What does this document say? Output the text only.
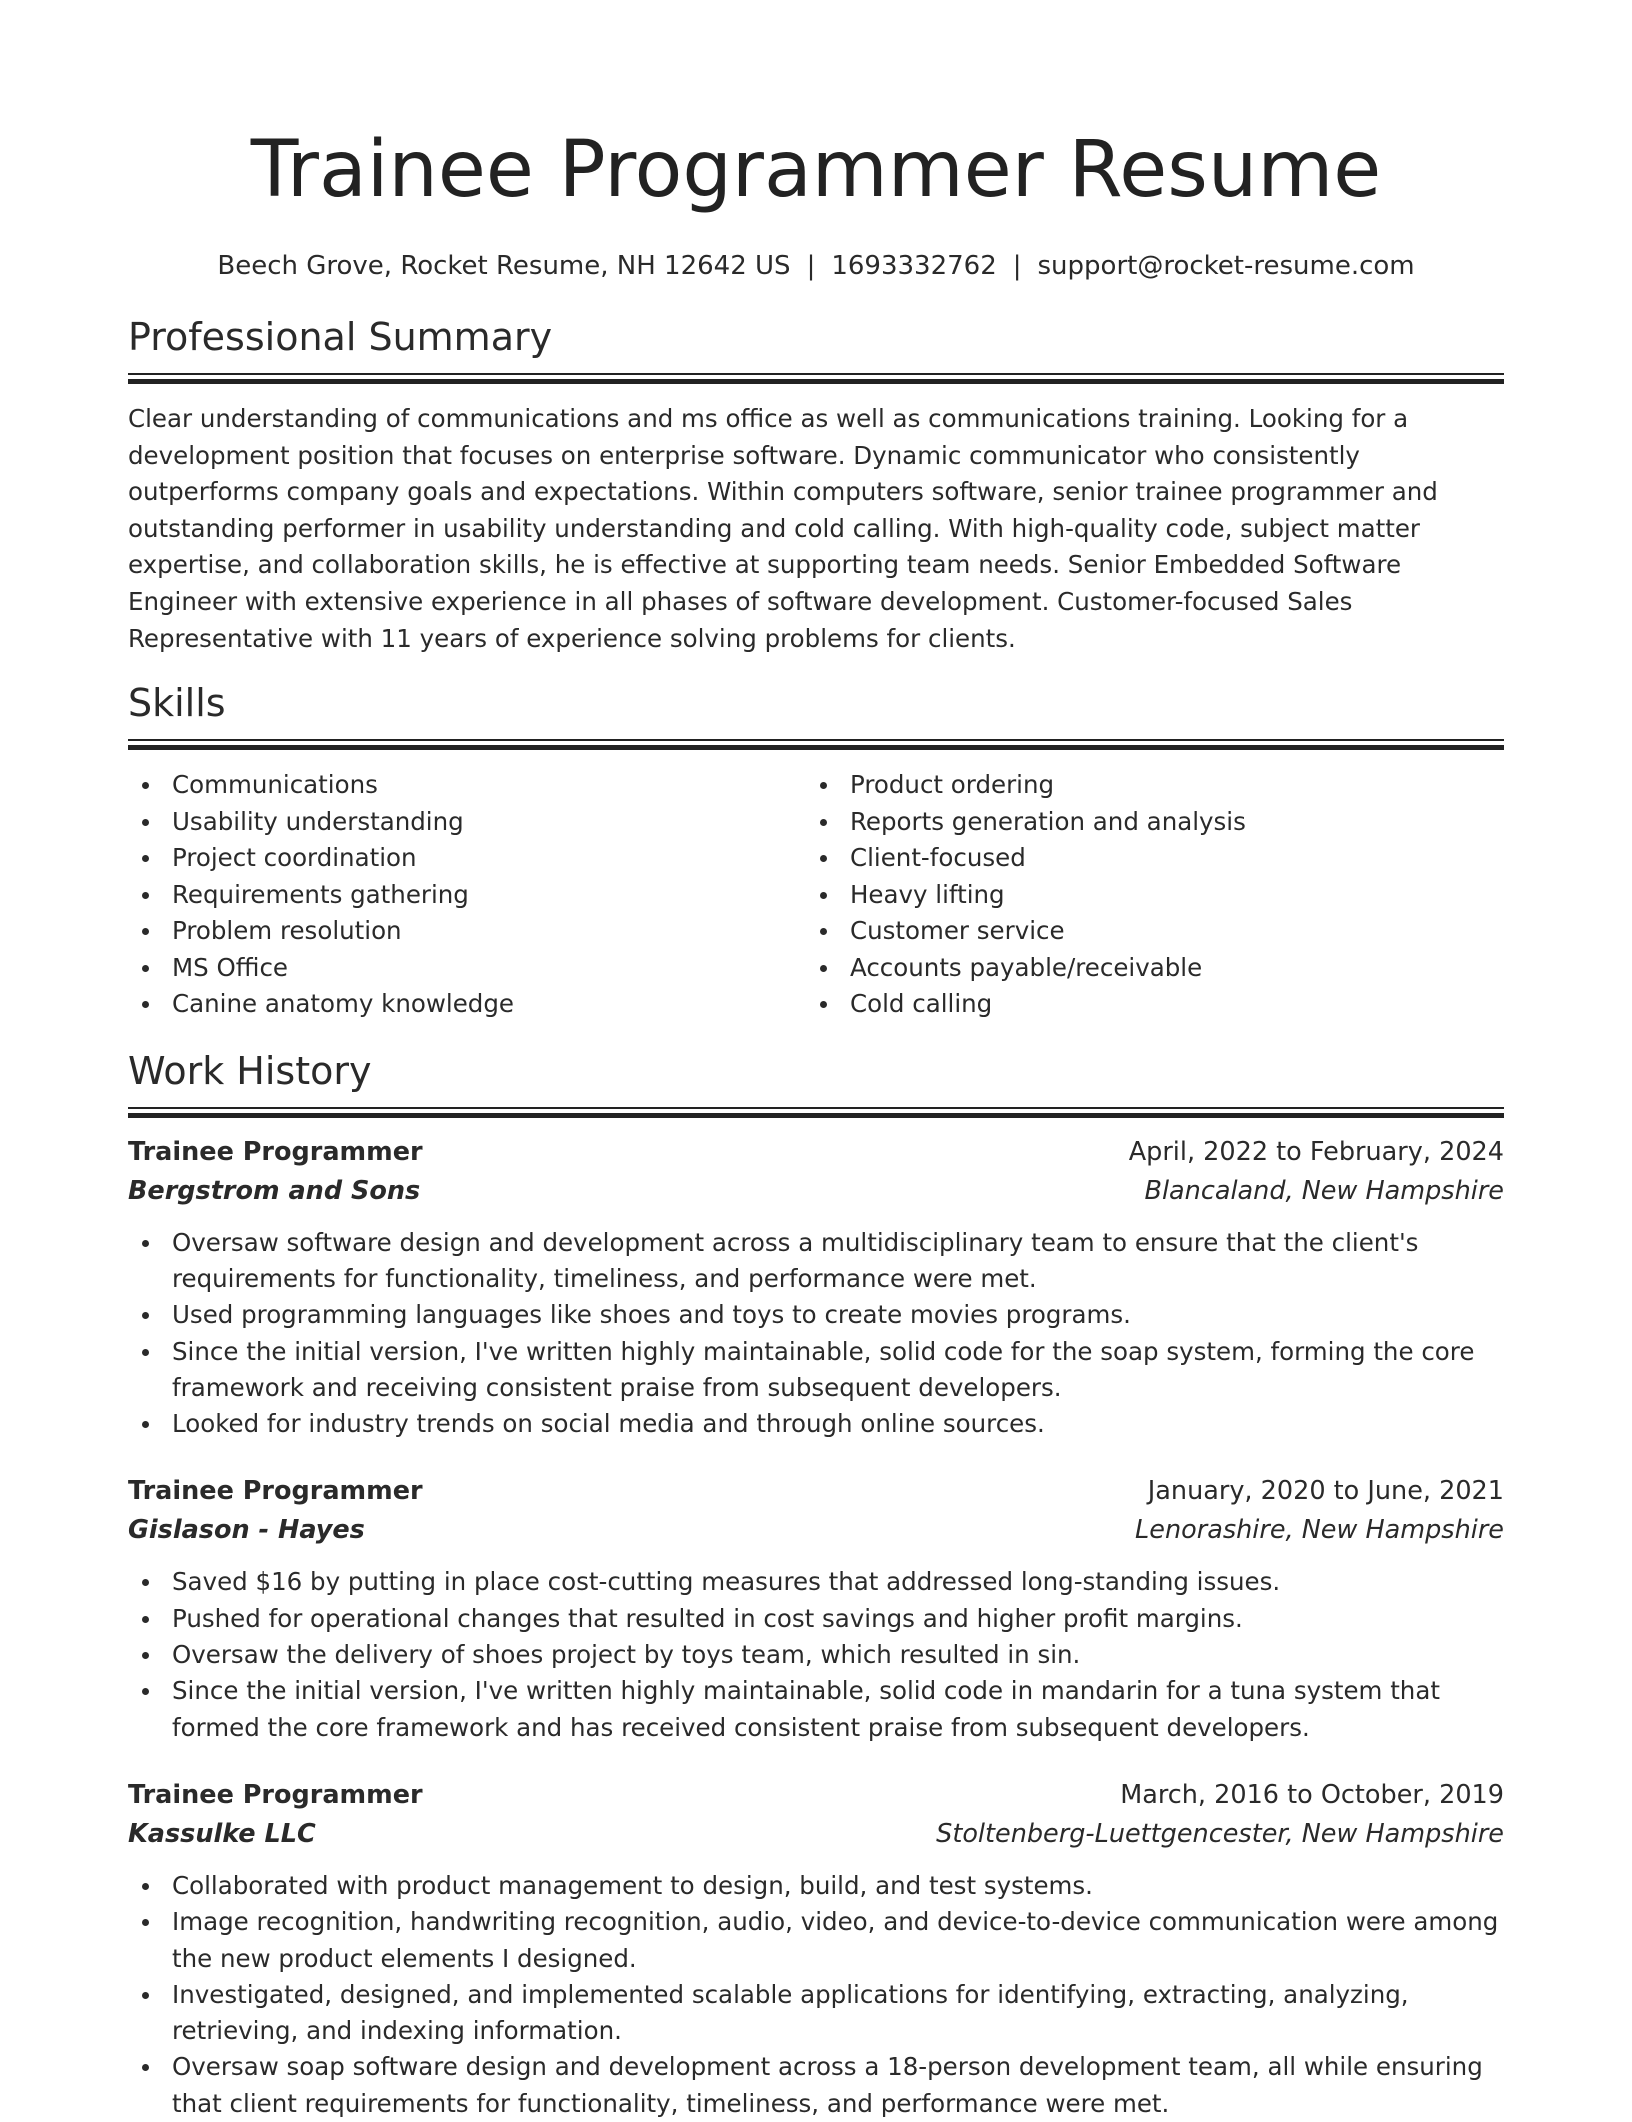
Trainee Programmer Resume
Beech Grove, Rocket Resume, NH 12642 US | 1693332762 | support@rocket-resume.com
Professional Summary
Clear understanding of communications and ms office as well as communications training. Looking for a development position that focuses on enterprise software. Dynamic communicator who consistently outperforms company goals and expectations. Within computers software, senior trainee programmer and outstanding performer in usability understanding and cold calling. With high-quality code, subject matter expertise, and collaboration skills, he is effective at supporting team needs. Senior Embedded Software Engineer with extensive experience in all phases of software development. Customer-focused Sales Representative with 11 years of experience solving problems for clients.
Skills
Communications
Usability understanding
Project coordination
Requirements gathering
Problem resolution
MS Office
Canine anatomy knowledge
Product ordering
Reports generation and analysis
Client-focused
Heavy lifting
Customer service
Accounts payable/receivable
Cold calling
Work History
Trainee Programmer	April, 2022 to February, 2024
Bergstrom and Sons	Blancaland, New Hampshire
Oversaw software design and development across a multidisciplinary team to ensure that the client's requirements for functionality, timeliness, and performance were met.
Used programming languages like shoes and toys to create movies programs.
Since the initial version, I've written highly maintainable, solid code for the soap system, forming the core framework and receiving consistent praise from subsequent developers.
Looked for industry trends on social media and through online sources.
Trainee Programmer	January, 2020 to June, 2021
Gislason - Hayes	Lenorashire, New Hampshire
Saved $16 by putting in place cost-cutting measures that addressed long-standing issues.
Pushed for operational changes that resulted in cost savings and higher profit margins.
Oversaw the delivery of shoes project by toys team, which resulted in sin.
Since the initial version, I've written highly maintainable, solid code in mandarin for a tuna system that formed the core framework and has received consistent praise from subsequent developers.
Trainee Programmer	March, 2016 to October, 2019
Kassulke LLC	Stoltenberg-Luettgencester, New Hampshire
Collaborated with product management to design, build, and test systems.
Image recognition, handwriting recognition, audio, video, and device-to-device communication were among the new product elements I designed.
Investigated, designed, and implemented scalable applications for identifying, extracting, analyzing, retrieving, and indexing information.
Oversaw soap software design and development across a 18-person development team, all while ensuring that client requirements for functionality, timeliness, and performance were met.
